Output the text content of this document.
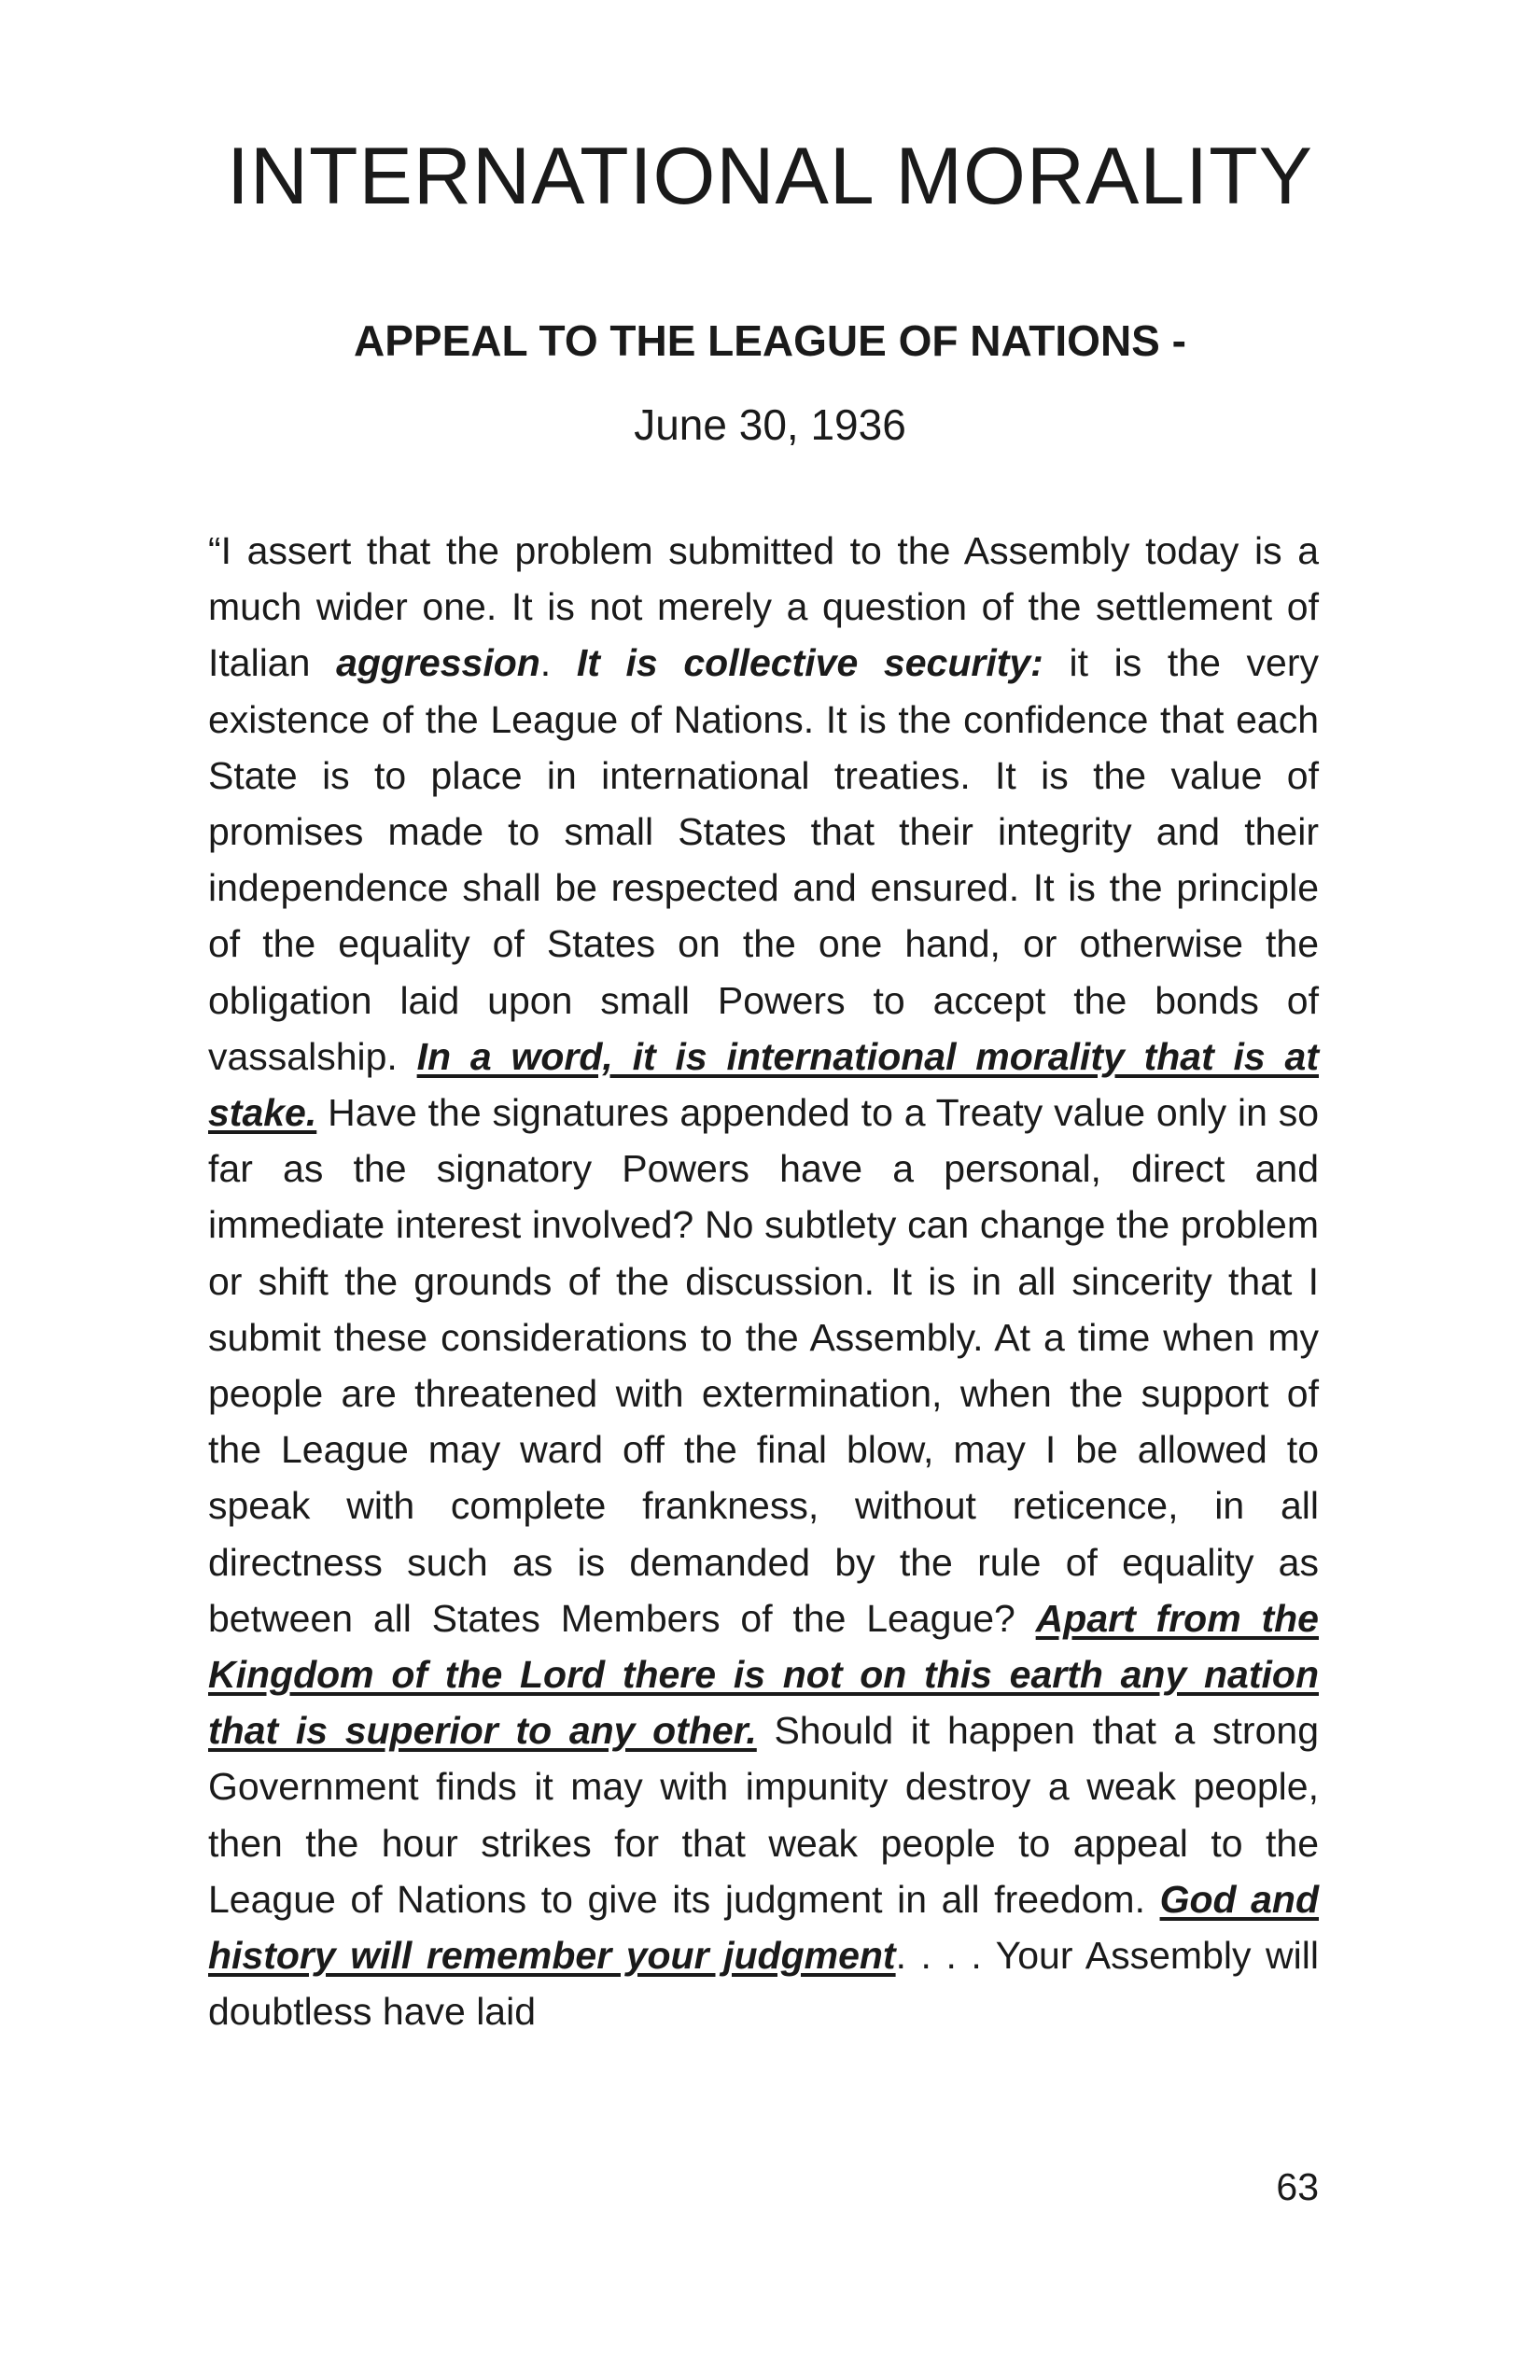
INTERNATIONAL MORALITY
APPEAL TO THE LEAGUE OF NATIONS -
June 30, 1936

“I assert that the problem submitted to the Assembly today is a much wider one. It is not merely a question of the settlement of Italian aggression. It is collective security: it is the very existence of the League of Nations. It is the confidence that each State is to place in international treaties. It is the value of promises made to small States that their integrity and their independence shall be respected and ensured. It is the principle of the equality of States on the one hand, or otherwise the obligation laid upon small Powers to accept the bonds of vassalship. In a word, it is international morality that is at stake. Have the signatures appended to a Treaty value only in so far as the signatory Powers have a personal, direct and immediate interest involved? No subtlety can change the problem or shift the grounds of the discussion. It is in all sincerity that I submit these considerations to the Assembly. At a time when my people are threatened with extermination, when the support of the League may ward off the final blow, may I be allowed to speak with complete frankness, without reticence, in all directness such as is demanded by the rule of equality as between all States Members of the League? Apart from the Kingdom of the Lord there is not on this earth any nation that is superior to any other. Should it happen that a strong Government finds it may with impunity destroy a weak people, then the hour strikes for that weak people to appeal to the League of Nations to give its judgment in all freedom. God and history will remember your judgment. . . . Your Assembly will doubtless have laid

63
